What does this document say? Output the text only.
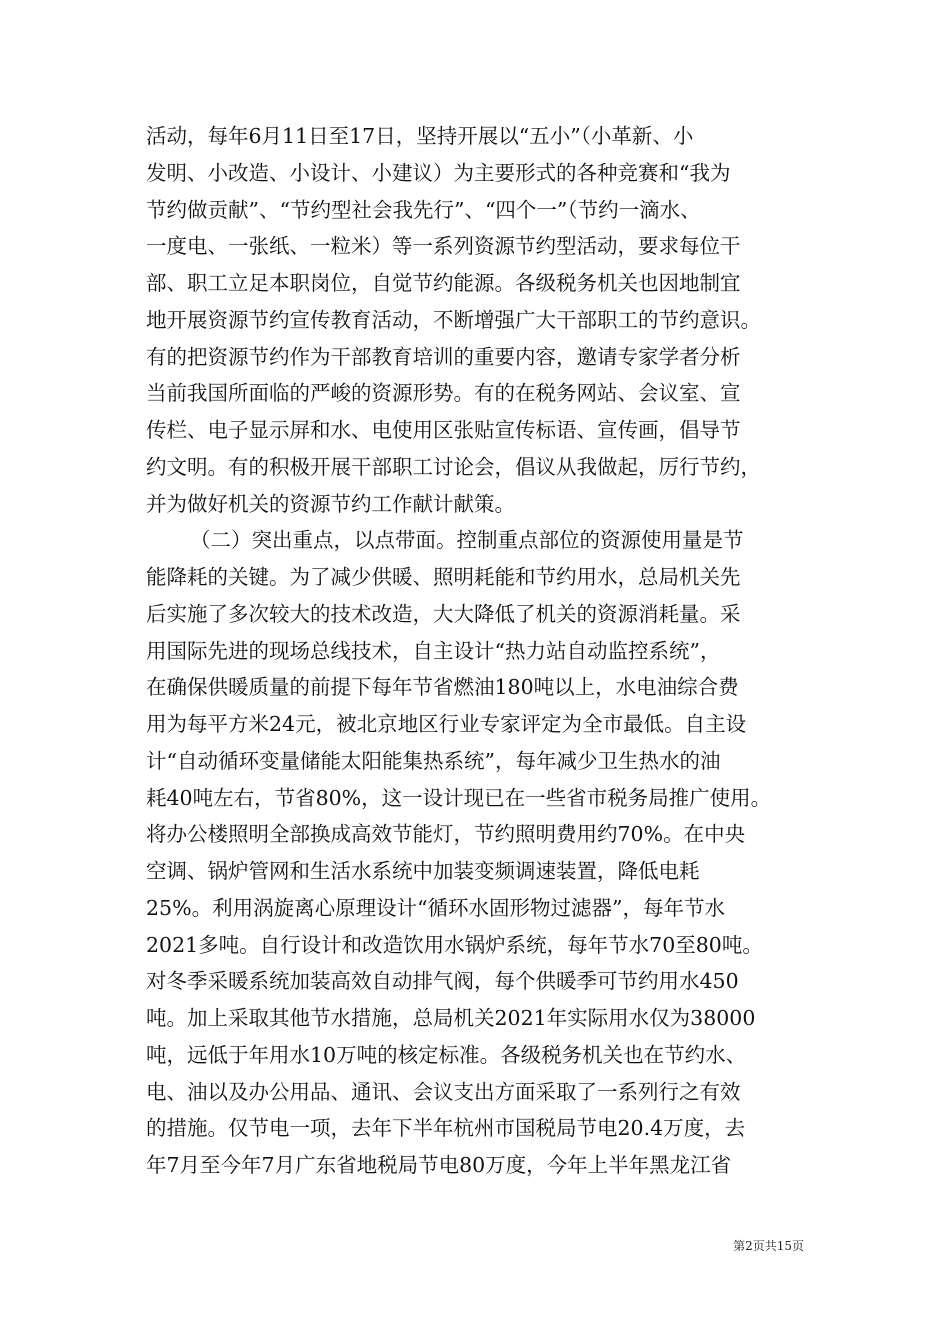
活动，每年6月11日至17日，坚持开展以“五小”（小革新、小
发明、小改造、小设计、小建议）为主要形式的各种竞赛和“我为
节约做贡献”、“节约型社会我先行”、“四个一”（节约一滴水、
一度电、一张纸、一粒米）等一系列资源节约型活动，要求每位干
部、职工立足本职岗位，自觉节约能源。各级税务机关也因地制宜
地开展资源节约宣传教育活动，不断增强广大干部职工的节约意识。
有的把资源节约作为干部教育培训的重要内容，邀请专家学者分析
当前我国所面临的严峻的资源形势。有的在税务网站、会议室、宣
传栏、电子显示屏和水、电使用区张贴宣传标语、宣传画，倡导节
约文明。有的积极开展干部职工讨论会，倡议从我做起，厉行节约，
并为做好机关的资源节约工作献计献策。
（二）突出重点，以点带面。控制重点部位的资源使用量是节
能降耗的关键。为了减少供暖、照明耗能和节约用水，总局机关先
后实施了多次较大的技术改造，大大降低了机关的资源消耗量。采
用国际先进的现场总线技术，自主设计“热力站自动监控系统”，
在确保供暖质量的前提下每年节省燃油180吨以上，水电油综合费
用为每平方米24元，被北京地区行业专家评定为全市最低。自主设
计“自动循环变量储能太阳能集热系统”，每年减少卫生热水的油
耗40吨左右，节省80%，这一设计现已在一些省市税务局推广使用。
将办公楼照明全部换成高效节能灯，节约照明费用约70%。在中央
空调、锅炉管网和生活水系统中加装变频调速装置，降低电耗
25%。利用涡旋离心原理设计“循环水固形物过滤器”，每年节水
2021多吨。自行设计和改造饮用水锅炉系统，每年节水70至80吨。
对冬季采暖系统加装高效自动排气阀，每个供暖季可节约用水450
吨。加上采取其他节水措施，总局机关2021年实际用水仅为38000
吨，远低于年用水10万吨的核定标准。各级税务机关也在节约水、
电、油以及办公用品、通讯、会议支出方面采取了一系列行之有效
的措施。仅节电一项，去年下半年杭州市国税局节电20.4万度，去
年7月至今年7月广东省地税局节电80万度，今年上半年黑龙江省
第2页共15页
